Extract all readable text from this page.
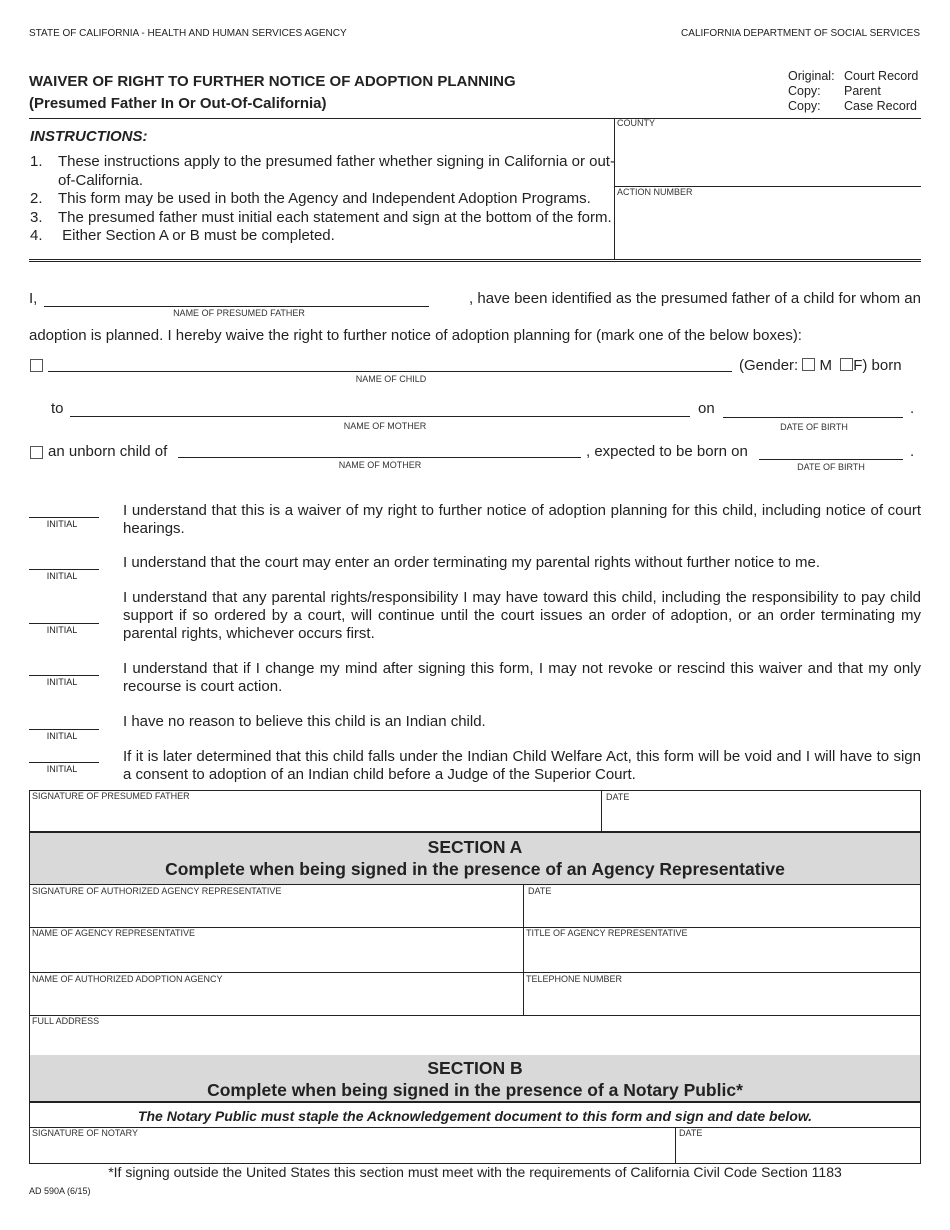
STATE OF CALIFORNIA - HEALTH AND HUMAN SERVICES AGENCY	CALIFORNIA DEPARTMENT OF SOCIAL SERVICES
WAIVER OF RIGHT TO FURTHER NOTICE OF ADOPTION PLANNING
(Presumed Father In Or Out-Of-California)
Original: Court Record
Copy: Parent
Copy: Case Record
INSTRUCTIONS:
1.	These instructions apply to the presumed father whether signing in California or out-of-California.
2.	This form may be used in both the Agency and Independent Adoption Programs.
3.	The presumed father must initial each statement and sign at the bottom of the form.
4.	Either Section A or B must be completed.
COUNTY
ACTION NUMBER
I,
NAME OF PRESUMED FATHER
, have been identified as the presumed father of a child for whom an
adoption is planned. I hereby waive the right to further notice of adoption planning for (mark one of the below boxes):
NAME OF CHILD
(Gender: M F) born
to
NAME OF MOTHER
on
DATE OF BIRTH
.
an unborn child of
NAME OF MOTHER
, expected to be born on
DATE OF BIRTH
.
INITIAL
I understand that this is a waiver of my right to further notice of adoption planning for this child, including notice of court hearings.
INITIAL
I understand that the court may enter an order terminating my parental rights without further notice to me.
INITIAL
I understand that any parental rights/responsibility I may have toward this child, including the responsibility to pay child support if so ordered by a court, will continue until the court issues an order of adoption, or an order terminating my parental rights, whichever occurs first.
INITIAL
I understand that if I change my mind after signing this form, I may not revoke or rescind this waiver and that my only recourse is court action.
INITIAL
I have no reason to believe this child is an Indian child.
INITIAL
If it is later determined that this child falls under the Indian Child Welfare Act, this form will be void and I will have to sign a consent to adoption of an Indian child before a Judge of the Superior Court.
SIGNATURE OF PRESUMED FATHER	DATE
SECTION A
Complete when being signed in the presence of an Agency Representative
SIGNATURE OF AUTHORIZED AGENCY REPRESENTATIVE	DATE
NAME OF AGENCY REPRESENTATIVE	TITLE OF AGENCY REPRESENTATIVE
NAME OF AUTHORIZED ADOPTION AGENCY	TELEPHONE NUMBER
FULL ADDRESS
SECTION B
Complete when being signed in the presence of a Notary Public*
The Notary Public must staple the Acknowledgement document to this form and sign and date below.
SIGNATURE OF NOTARY	DATE
*If signing outside the United States this section must meet with the requirements of California Civil Code Section 1183
AD 590A (6/15)
